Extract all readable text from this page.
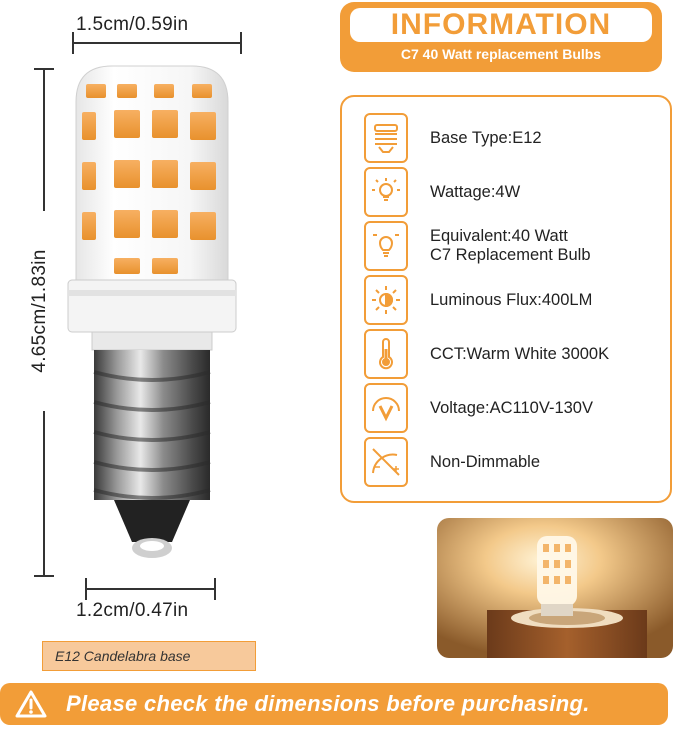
1.5cm/0.59in
4.65cm/1.83in
1.2cm/0.47in
INFORMATION
C7 40 Watt replacement Bulbs
Base Type:E12
Wattage:4W
Equivalent:40 Watt
C7 Replacement Bulb
Luminous Flux:400LM
CCT:Warm White 3000K
Voltage:AC110V-130V
Non-Dimmable
E12 Candelabra base
Please check the dimensions before purchasing.
